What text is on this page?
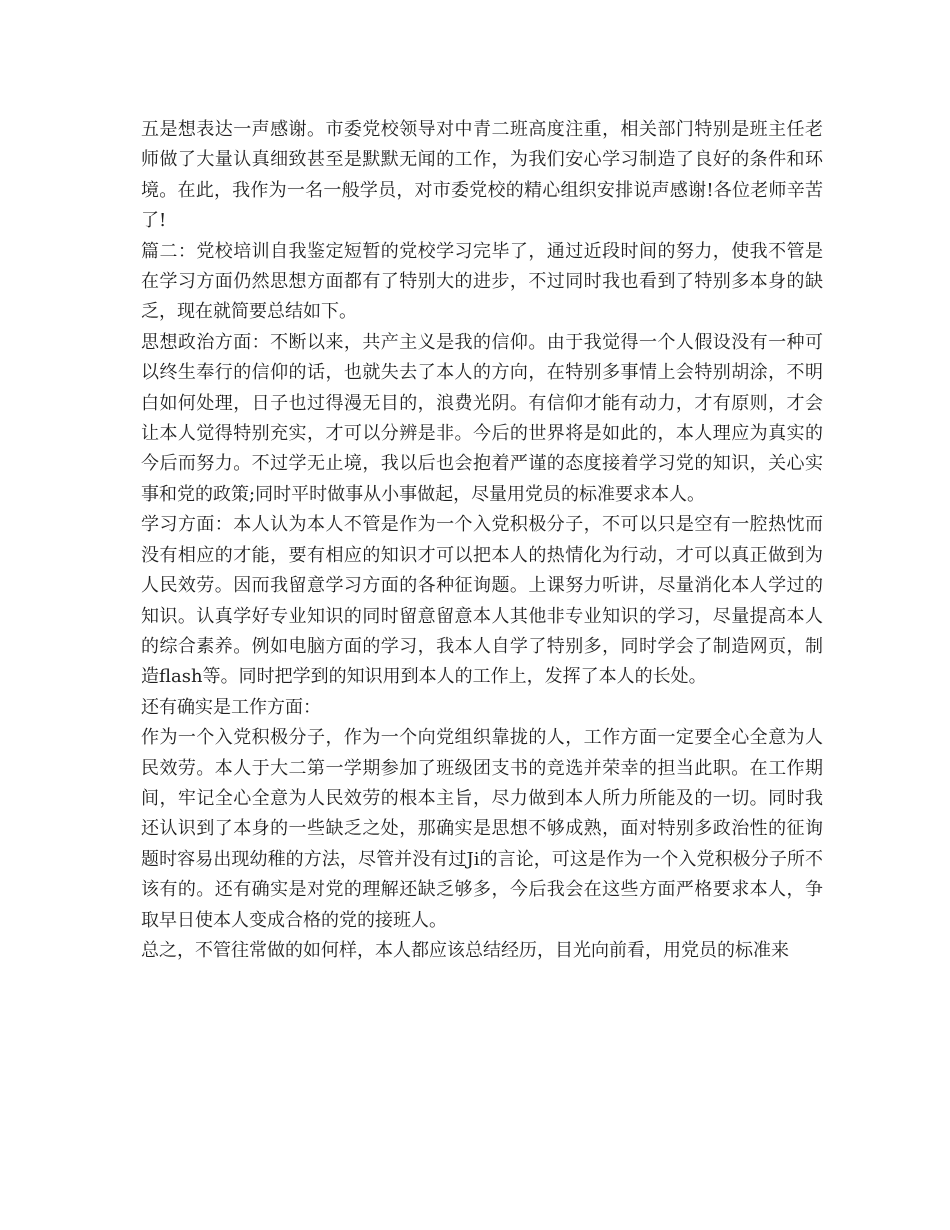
五是想表达一声感谢。市委党校领导对中青二班高度注重，相关部门特别是班主任老师做了大量认真细致甚至是默默无闻的工作，为我们安心学习制造了良好的条件和环境。在此，我作为一名一般学员，对市委党校的精心组织安排说声感谢!各位老师辛苦了!

篇二：党校培训自我鉴定短暂的党校学习完毕了，通过近段时间的努力，使我不管是在学习方面仍然思想方面都有了特别大的进步，不过同时我也看到了特别多本身的缺乏，现在就简要总结如下。

思想政治方面：不断以来，共产主义是我的信仰。由于我觉得一个人假设没有一种可以终生奉行的信仰的话，也就失去了本人的方向，在特别多事情上会特别胡涂，不明白如何处理，日子也过得漫无目的，浪费光阴。有信仰才能有动力，才有原则，才会让本人觉得特别充实，才可以分辨是非。今后的世界将是如此的，本人理应为真实的今后而努力。不过学无止境，我以后也会抱着严谨的态度接着学习党的知识，关心实事和党的政策;同时平时做事从小事做起，尽量用党员的标准要求本人。

学习方面：本人认为本人不管是作为一个入党积极分子，不可以只是空有一腔热忱而没有相应的才能，要有相应的知识才可以把本人的热情化为行动，才可以真正做到为人民效劳。因而我留意学习方面的各种征询题。上课努力听讲，尽量消化本人学过的知识。认真学好专业知识的同时留意留意本人其他非专业知识的学习，尽量提高本人的综合素养。例如电脑方面的学习，我本人自学了特别多，同时学会了制造网页，制造flash等。同时把学到的知识用到本人的工作上，发挥了本人的长处。

还有确实是工作方面：

作为一个入党积极分子，作为一个向党组织靠拢的人，工作方面一定要全心全意为人民效劳。本人于大二第一学期参加了班级团支书的竞选并荣幸的担当此职。在工作期间，牢记全心全意为人民效劳的根本主旨，尽力做到本人所力所能及的一切。同时我还认识到了本身的一些缺乏之处，那确实是思想不够成熟，面对特别多政治性的征询题时容易出现幼稚的方法，尽管并没有过Ji的言论，可这是作为一个入党积极分子所不该有的。还有确实是对党的理解还缺乏够多，今后我会在这些方面严格要求本人，争取早日使本人变成合格的党的接班人。

总之，不管往常做的如何样，本人都应该总结经历，目光向前看，用党员的标准来
